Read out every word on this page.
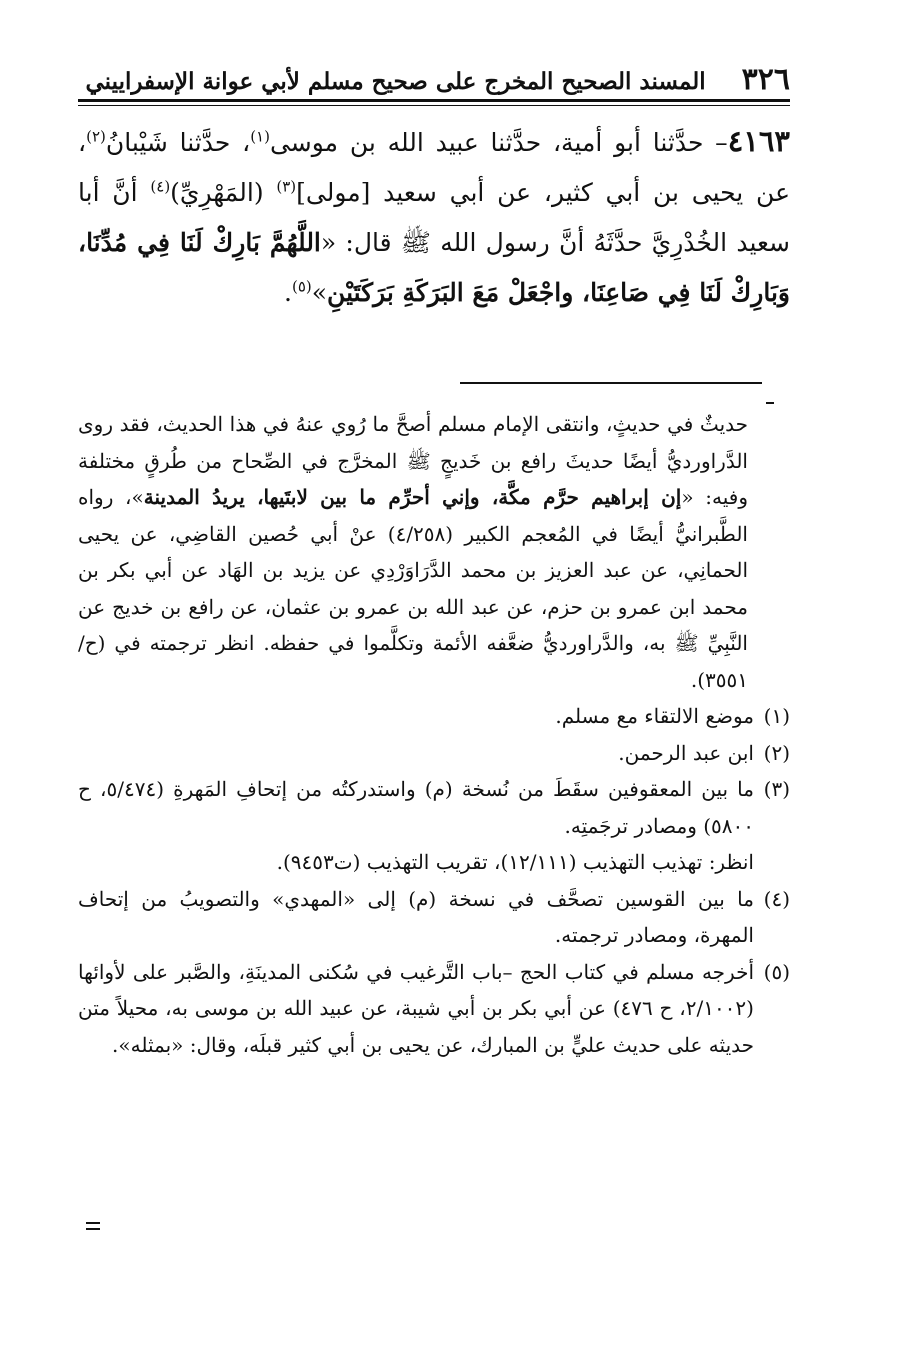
٣٢٦
المسند الصحيح المخرج على صحيح مسلم لأبي عوانة الإسفراييني
٤١٦٣– حدَّثنا أبو أمية، حدَّثنا عبيد الله بن موسى$^{(١)}$، حدَّثنا شَيْبانُ$^{(٢)}$، عن يحيى بن أبي كثير، عن أبي سعيد [مولى]$^{(٣)}$ (المَهْرِيِّ)$^{(٤)}$ أنَّ أبا سعيد الخُدْرِيَّ حدَّثَهُ أنَّ رسول الله ﷺ قال: «اللَّهُمَّ بَارِكْ لَنَا فِي مُدِّنَا، وَبَارِكْ لَنَا فِي صَاعِنَا، واجْعَلْ مَعَ البَرَكَةِ بَرَكَتَيْنِ»$^{(٥)}$.
حديثٌ في حديثٍ، وانتقى الإمام مسلم أصحَّ ما رُوي عنهُ في هذا الحديث، فقد روى الدَّراورديُّ أيضًا حديثَ رافع بن خَديجٍ ﷺ المخرَّج في الصِّحاح من طُرقٍ مختلفة وفيه: «إن إبراهيم حرَّم مكَّة، وإني أحرِّم ما بين لابتَيها، يريدُ المدينة»، رواه الطَّبرانيُّ أيضًا في المُعجم الكبير (٤/٢٥٨) عنْ أبي حُصين القاضِي، عن يحيى الحمانِي، عن عبد العزيز بن محمد الدَّرَاوَرْدِي عن يزيد بن الهَاد عن أبي بكر بن محمد ابن عمرو بن حزم، عن عبد الله بن عمرو بن عثمان، عن رافع بن خديج عن النَّبِيِّ ﷺ به، والدَّراورديُّ ضعَّفه الأئمة وتكلَّموا في حفظه. انظر ترجمته في (ح/٣٥٥١).
(١)
موضع الالتقاء مع مسلم.
(٢)
ابن عبد الرحمن.
(٣)
ما بين المعقوفين سقَطَ من نُسخة (م) واستدركتُه من إتحافِ المَهرةِ (٥/٤٧٤، ح ٥٨٠٠) ومصادر ترجَمتِه.
انظر: تهذيب التهذيب (١٢/١١١)، تقريب التهذيب (ت٩٤٥٣).
(٤)
ما بين القوسين تصحَّف في نسخة (م) إلى «المهدي» والتصويبُ من إتحاف المهرة، ومصادر ترجمته.
(٥)
أخرجه مسلم في كتاب الحج –باب التَّرغيب في سُكنى المدينَةِ، والصَّبر على لأوائها (٢/١٠٠٢، ح ٤٧٦) عن أبي بكر بن أبي شيبة، عن عبيد الله بن موسى به، محيلاً متن حديثه على حديث عليٍّ بن المبارك، عن يحيى بن أبي كثير قبلَه، وقال: «بمثله».
